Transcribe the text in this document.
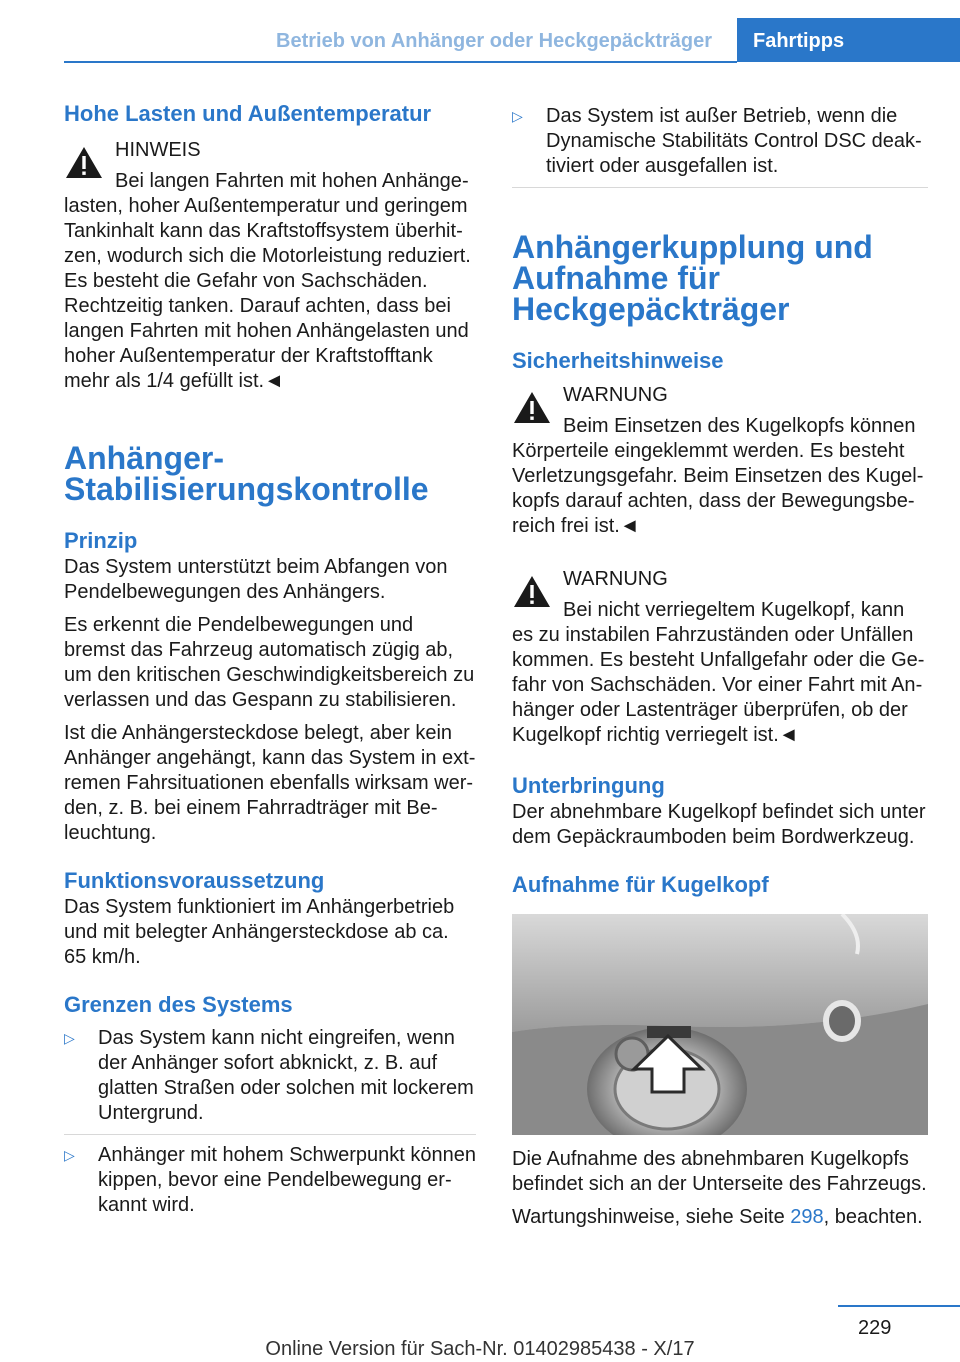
Betrieb von Anhänger oder Heckgepäckträger Fahrtipps
Hohe Lasten und Außentemperatur

HINWEIS

Bei langen Fahrten mit hohen Anhängelasten, hoher Außentemperatur und geringem Tankinhalt kann das Kraftstoffsystem überhitzen, wodurch sich die Motorleistung reduziert. Es besteht die Gefahr von Sachschäden. Rechtzeitig tanken. Darauf achten, dass bei langen Fahrten mit hohen Anhängelasten und hoher Außentemperatur der Kraftstofftank mehr als 1/4 gefüllt ist.◄

Anhänger-Stabilisierungskontrolle
Prinzip

Das System unterstützt beim Abfangen von Pendelbewegungen des Anhängers.

Es erkennt die Pendelbewegungen und bremst das Fahrzeug automatisch zügig ab, um den kritischen Geschwindigkeitsbereich zu verlassen und das Gespann zu stabilisieren.

Ist die Anhängersteckdose belegt, aber kein Anhänger angehängt, kann das System in extremen Fahrsituationen ebenfalls wirksam werden, z. B. bei einem Fahrradträger mit Beleuchtung.

Funktionsvoraussetzung

Das System funktioniert im Anhängerbetrieb und mit belegter Anhängersteckdose ab ca. 65 km/h.

Grenzen des Systems
▷ Das System kann nicht eingreifen, wenn der Anhänger sofort abknickt, z. B. auf glatten Straßen oder solchen mit lockerem Untergrund.

▷ Anhänger mit hohem Schwerpunkt können kippen, bevor eine Pendelbewegung erkannt wird.

▷ Das System ist außer Betrieb, wenn die Dynamische Stabilitäts Control DSC deaktiviert oder ausgefallen ist.

Anhängerkupplung und Aufnahme für Heckgepäckträger
Sicherheitshinweise

WARNUNG

Beim Einsetzen des Kugelkopfs können Körperteile eingeklemmt werden. Es besteht Verletzungsgefahr. Beim Einsetzen des Kugelkopfs darauf achten, dass der Bewegungsbereich frei ist.◄

WARNUNG

Bei nicht verriegeltem Kugelkopf, kann es zu instabilen Fahrzuständen oder Unfällen kommen. Es besteht Unfallgefahr oder die Gefahr von Sachschäden. Vor einer Fahrt mit Anhänger oder Lastenträger überprüfen, ob der Kugelkopf richtig verriegelt ist.◄

Unterbringung

Der abnehmbare Kugelkopf befindet sich unter dem Gepäckraumboden beim Bordwerkzeug.

Aufnahme für Kugelkopf

Die Aufnahme des abnehmbaren Kugelkopfs befindet sich an der Unterseite des Fahrzeugs.

Wartungshinweise, siehe Seite 298, beachten.

229
Online Version für Sach-Nr. 01402985438 - X/17
